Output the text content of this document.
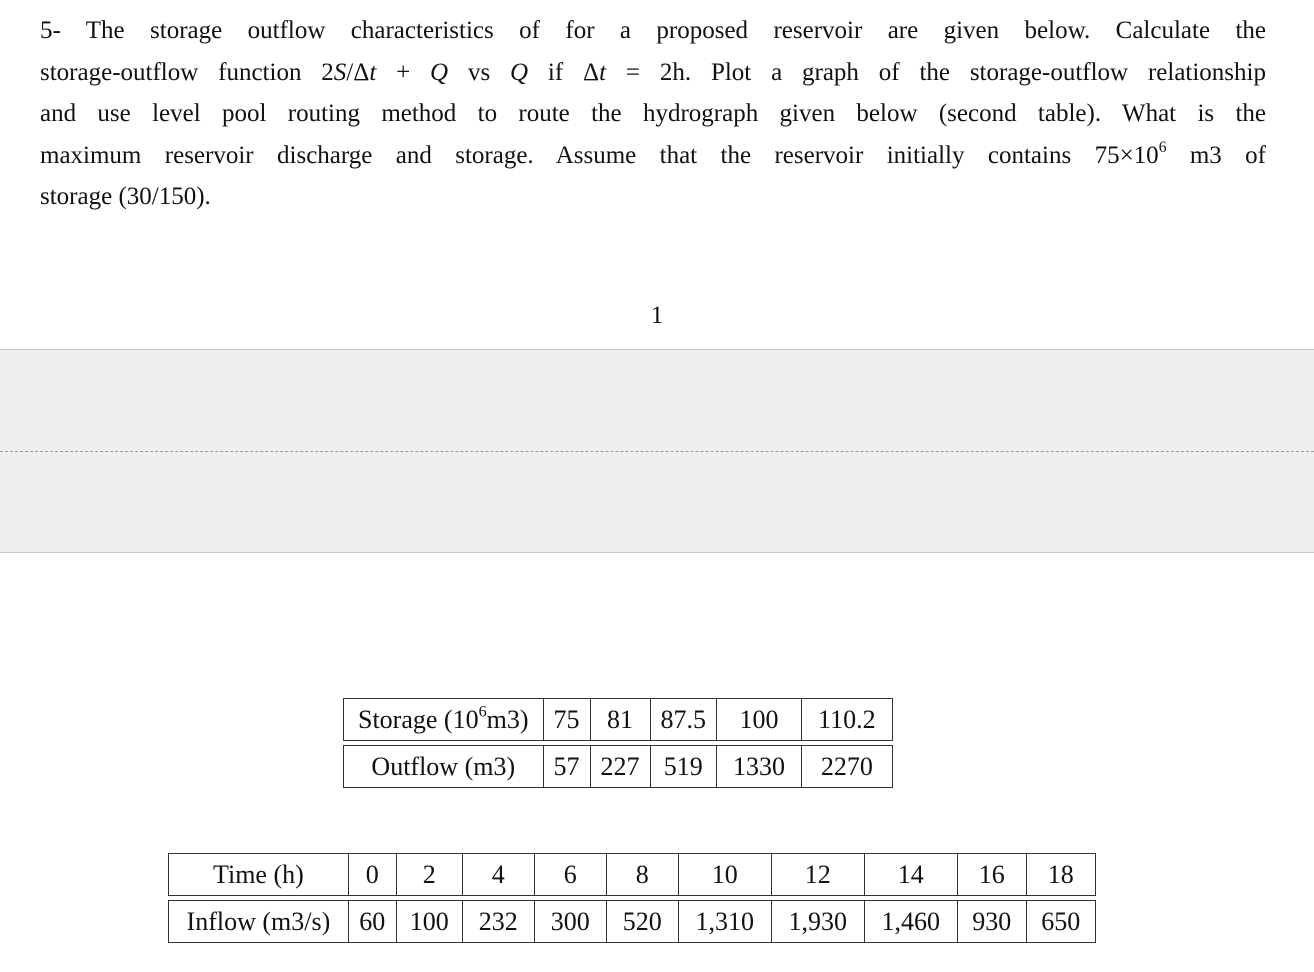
5- The storage outflow characteristics of for a proposed reservoir are given below. Calculate the
storage-outflow function 2S/Δt + Q vs Q if Δt = 2h. Plot a graph of the storage-outflow relationship
and use level pool routing method to route the hydrograph given below (second table). What is the
maximum reservoir discharge and storage. Assume that the reservoir initially contains $75\times 10^6$ m3 of
storage (30/150).
1
Storage $(10^6m3)$	75	81	87.5	100	110.2
Outflow (m3)	57	227	519	1330	2270
Time (h)	0	2	4	6	8	10	12	14	16	18
Inflow (m3/s)	60	100	232	300	520	1,310	1,930	1,460	930	650
